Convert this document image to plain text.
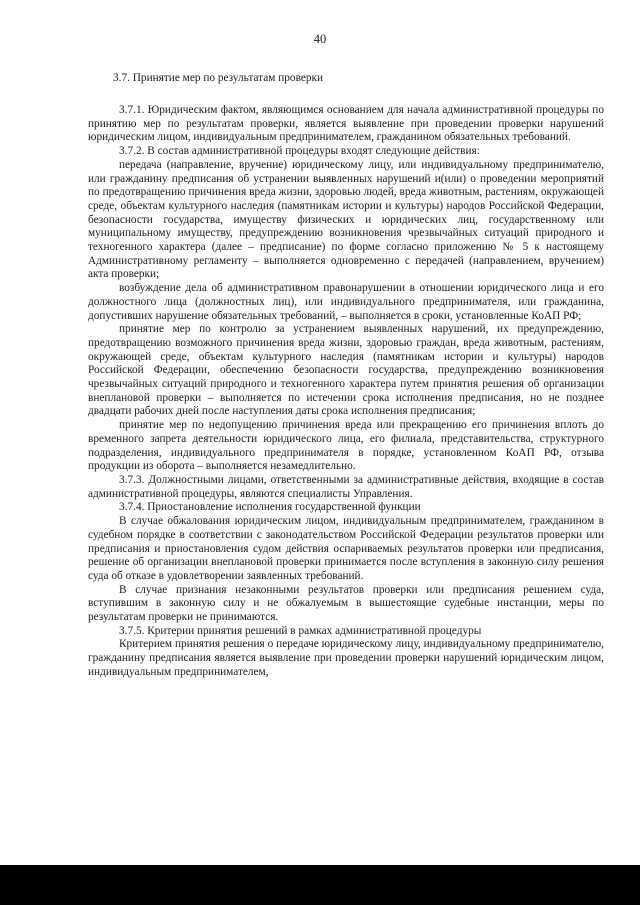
40
3.7. Принятие мер по результатам проверки

3.7.1. Юридическим фактом, являющимся основанием для начала административной процедуры по принятию мер по результатам проверки, является выявление при проведении проверки нарушений юридическим лицом, индивидуальным предпринимателем, гражданином обязательных требований.

3.7.2. В состав административной процедуры входят следующие действия:

передача (направление, вручение) юридическому лицу, или индивидуальному предпринимателю, или гражданину предписания об устранении выявленных нарушений и(или) о проведении мероприятий по предотвращению причинения вреда жизни, здоровью людей, вреда животным, растениям, окружающей среде, объектам культурного наследия (памятникам истории и культуры) народов Российской Федерации, безопасности государства, имуществу физических и юридических лиц, государственному или муниципальному имуществу, предупреждению возникновения чрезвычайных ситуаций природного и техногенного характера (далее – предписание) по форме согласно приложению № 5 к настоящему Административному регламенту – выполняется одновременно с передачей (направлением, вручением) акта проверки;

возбуждение дела об административном правонарушении в отношении юридического лица и его должностного лица (должностных лиц), или индивидуального предпринимателя, или гражданина, допустивших нарушение обязательных требований, – выполняется в сроки, установленные КоАП РФ;

принятие мер по контролю за устранением выявленных нарушений, их предупреждению, предотвращению возможного причинения вреда жизни, здоровью граждан, вреда животным, растениям, окружающей среде, объектам культурного наследия (памятникам истории и культуры) народов Российской Федерации, обеспечению безопасности государства, предупреждению возникновения чрезвычайных ситуаций природного и техногенного характера путем принятия решения об организации внеплановой проверки – выполняется по истечении срока исполнения предписания, но не позднее двадцати рабочих дней после наступления даты срока исполнения предписания;

принятие мер по недопущению причинения вреда или прекращению его причинения вплоть до временного запрета деятельности юридического лица, его филиала, представительства, структурного подразделения, индивидуального предпринимателя в порядке, установленном КоАП РФ, отзыва продукции из оборота – выполняется незамедлительно.

3.7.3. Должностными лицами, ответственными за административные действия, входящие в состав административной процедуры, являются специалисты Управления.

3.7.4. Приостановление исполнения государственной функции

В случае обжалования юридическим лицом, индивидуальным предпринимателем, гражданином в судебном порядке в соответствии с законодательством Российской Федерации результатов проверки или предписания и приостановления судом действия оспариваемых результатов проверки или предписания, решение об организации внеплановой проверки принимается после вступления в законную силу решения суда об отказе в удовлетворении заявленных требований.

В случае признания незаконными результатов проверки или предписания решением суда, вступившим в законную силу и не обжалуемым в вышестоящие судебные инстанции, меры по результатам проверки не принимаются.

3.7.5. Критерии принятия решений в рамках административной процедуры

Критерием принятия решения о передаче юридическому лицу, индивидуальному предпринимателю, гражданину предписания является выявление при проведении проверки нарушений юридическим лицом, индивидуальным предпринимателем,
